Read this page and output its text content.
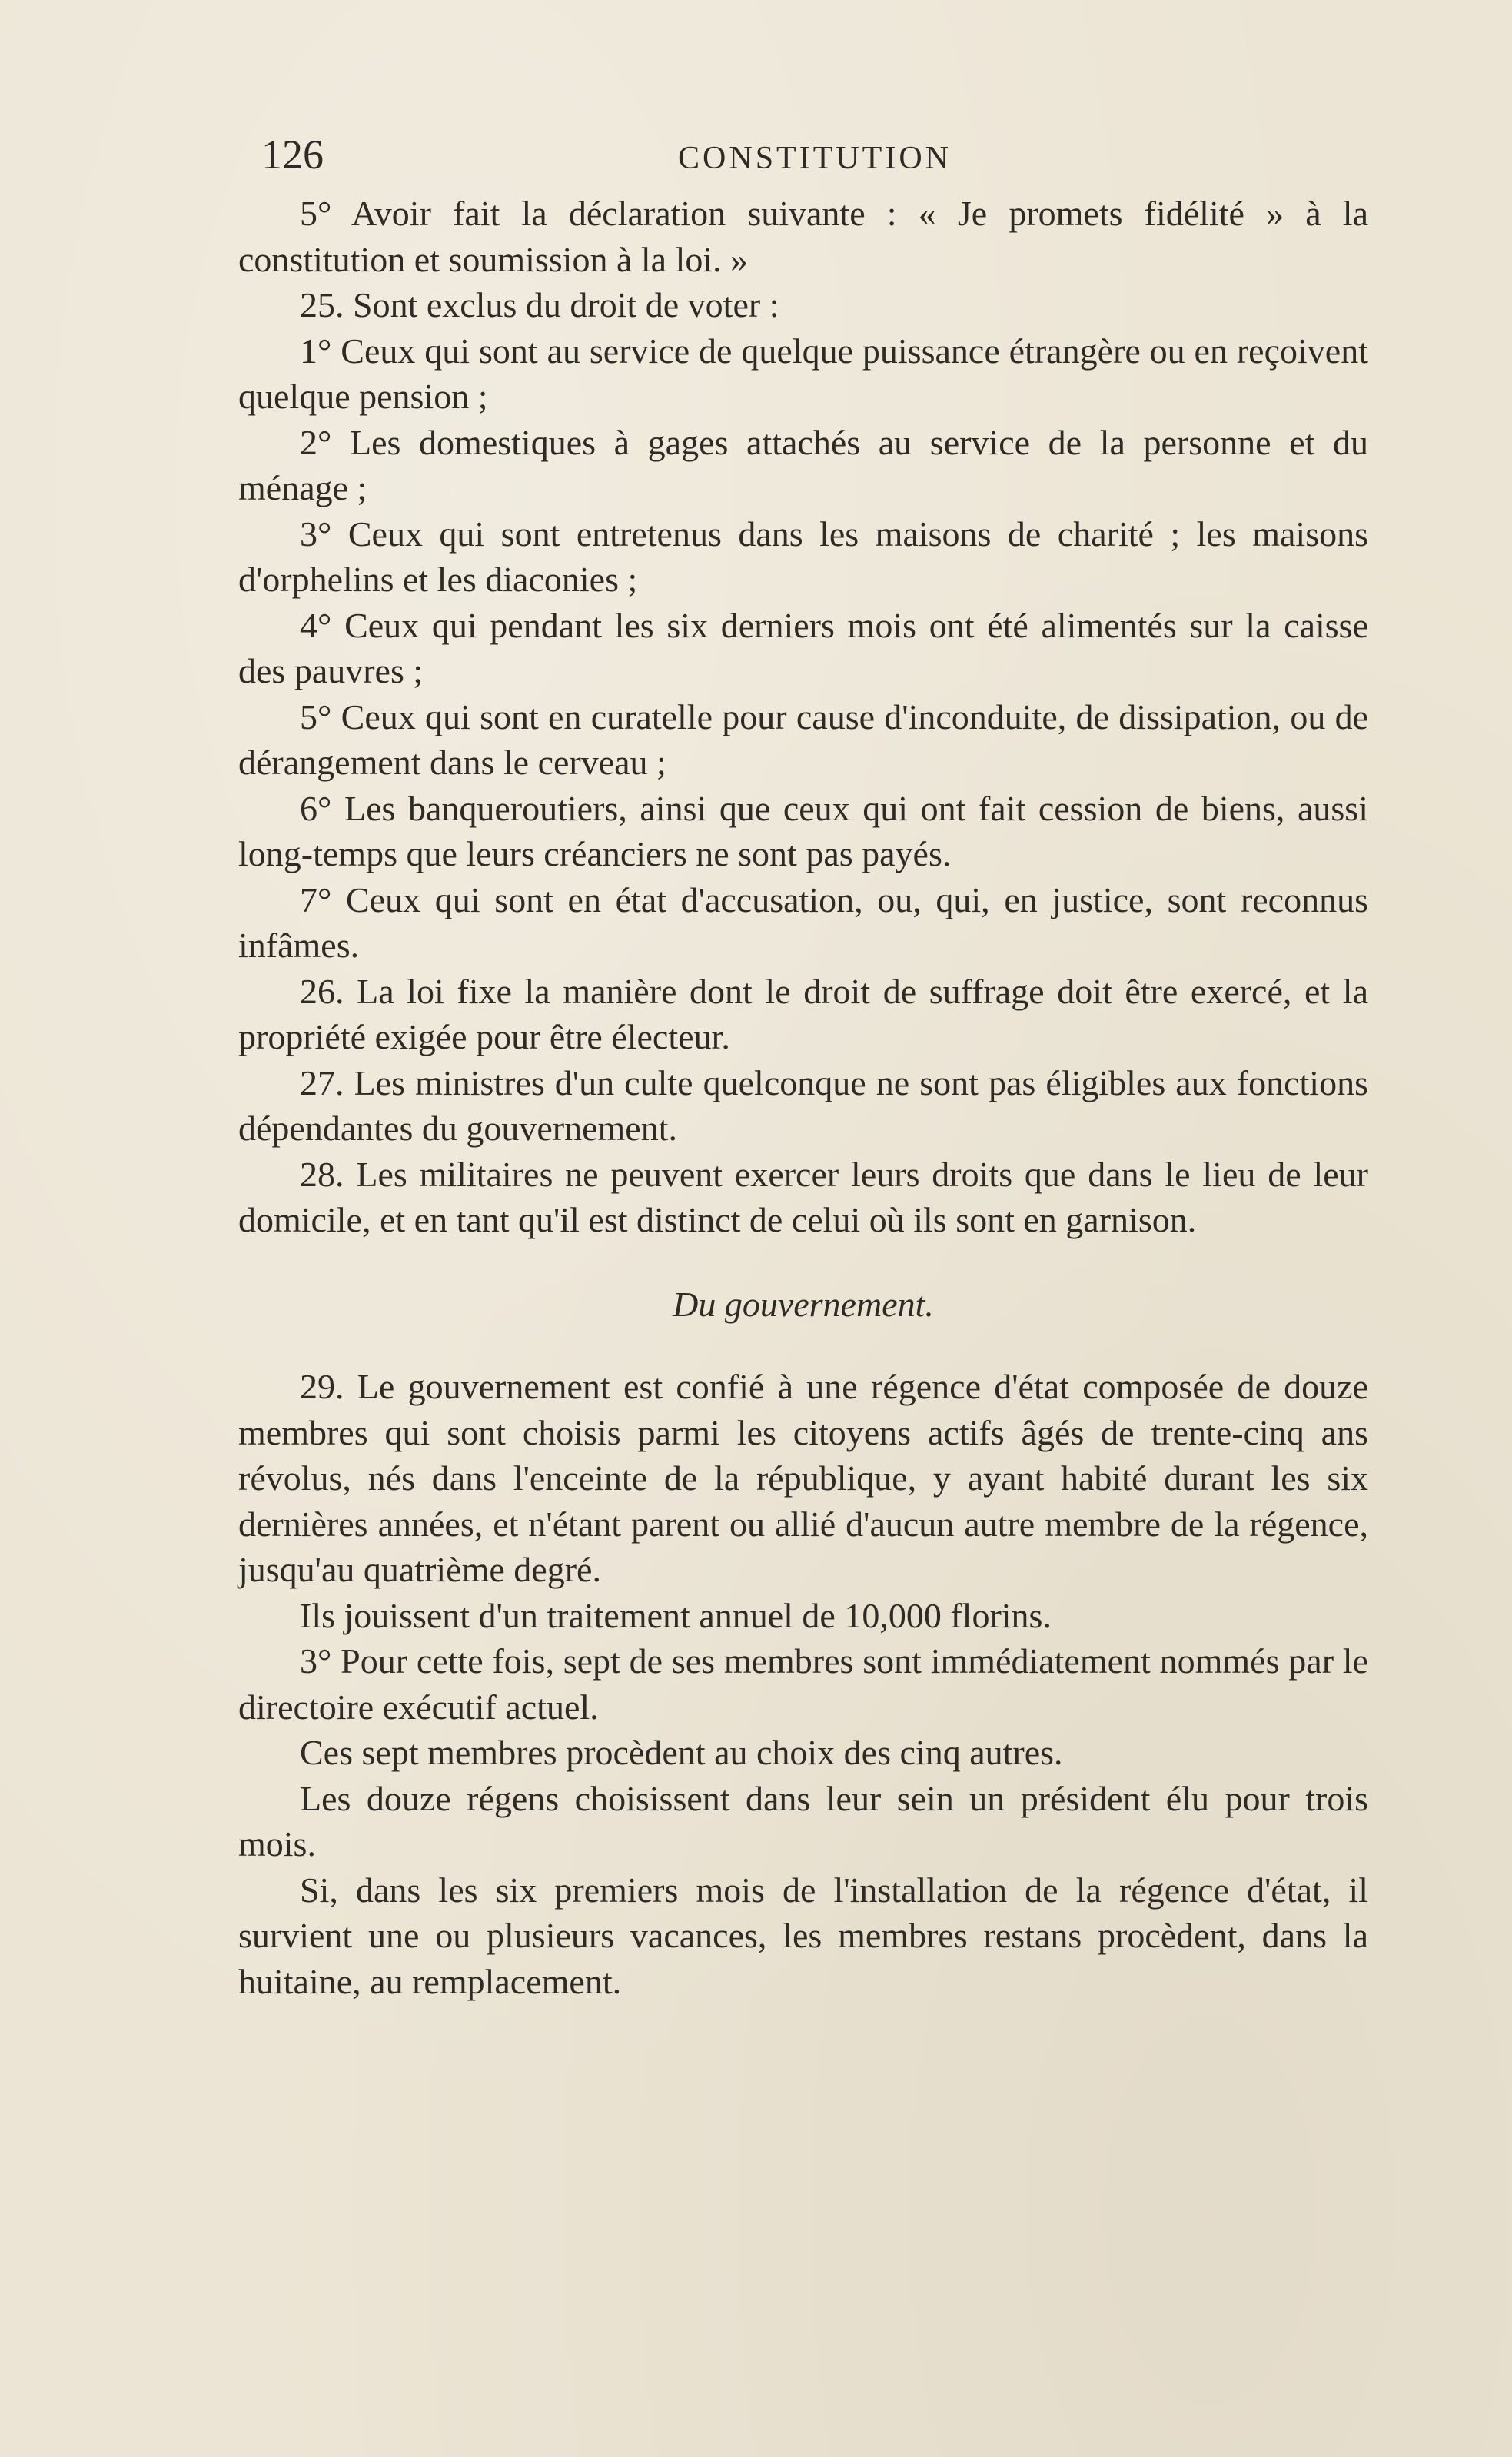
126	CONSTITUTION

5° Avoir fait la déclaration suivante : « Je promets fidélité » à la constitution et soumission à la loi. »

25. Sont exclus du droit de voter :

1° Ceux qui sont au service de quelque puissance étrangère ou en reçoivent quelque pension ;

2° Les domestiques à gages attachés au service de la personne et du ménage ;

3° Ceux qui sont entretenus dans les maisons de charité ; les maisons d'orphelins et les diaconies ;

4° Ceux qui pendant les six derniers mois ont été alimentés sur la caisse des pauvres ;

5° Ceux qui sont en curatelle pour cause d'inconduite, de dissipation, ou de dérangement dans le cerveau ;

6° Les banqueroutiers, ainsi que ceux qui ont fait cession de biens, aussi long-temps que leurs créanciers ne sont pas payés.

7° Ceux qui sont en état d'accusation, ou, qui, en justice, sont reconnus infâmes.

26. La loi fixe la manière dont le droit de suffrage doit être exercé, et la propriété exigée pour être électeur.

27. Les ministres d'un culte quelconque ne sont pas éligibles aux fonctions dépendantes du gouvernement.

28. Les militaires ne peuvent exercer leurs droits que dans le lieu de leur domicile, et en tant qu'il est distinct de celui où ils sont en garnison.

Du gouvernement.

29. Le gouvernement est confié à une régence d'état composée de douze membres qui sont choisis parmi les citoyens actifs âgés de trente-cinq ans révolus, nés dans l'enceinte de la république, y ayant habité durant les six dernières années, et n'étant parent ou allié d'aucun autre membre de la régence, jusqu'au quatrième degré.

Ils jouissent d'un traitement annuel de 10,000 florins.

3° Pour cette fois, sept de ses membres sont immédiatement nommés par le directoire exécutif actuel.

Ces sept membres procèdent au choix des cinq autres.

Les douze régens choisissent dans leur sein un président élu pour trois mois.

Si, dans les six premiers mois de l'installation de la régence d'état, il survient une ou plusieurs vacances, les membres restans procèdent, dans la huitaine, au remplacement.
